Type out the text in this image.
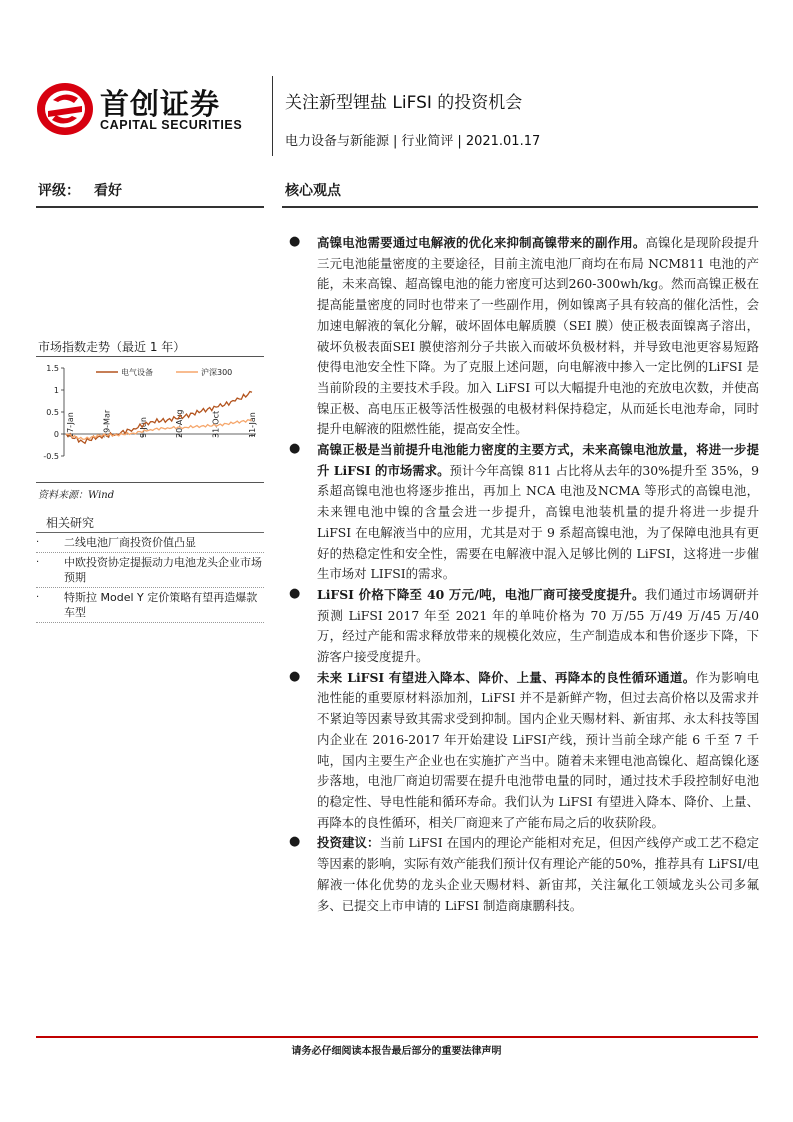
首创证券
CAPITAL SECURITIES
关注新型锂盐 LiFSI 的投资机会
电力设备与新能源 | 行业简评 | 2021.01.17
评级： 看好	核心观点
市场指数走势（最近 1 年）
1.5
1
0.5
0
-0.5
17-Jan	29-Mar	9-Jun	20-Aug	31-Oct	11-Jan
电气设备	沪深300
资料来源：Wind
相关研究
· 二线电池厂商投资价值凸显
· 中欧投资协定提振动力电池龙头企业市场预期
· 特斯拉 Model Y 定价策略有望再造爆款车型
● 高镍电池需要通过电解液的优化来抑制高镍带来的副作用。高镍化是现阶段提升三元电池能量密度的主要途径，目前主流电池厂商均在布局 NCM811 电池的产能，未来高镍、超高镍电池的能力密度可达到260-300wh/kg。然而高镍正极在提高能量密度的同时也带来了一些副作用，例如镍离子具有较高的催化活性，会加速电解液的氧化分解，破坏固体电解质膜（SEI 膜）使正极表面镍离子溶出，破坏负极表面SEI 膜使溶剂分子共嵌入而破坏负极材料，并导致电池更容易短路使得电池安全性下降。为了克服上述问题，向电解液中掺入一定比例的LiFSI 是当前阶段的主要技术手段。加入 LiFSI 可以大幅提升电池的充放电次数，并使高镍正极、高电压正极等活性极强的电极材料保持稳定，从而延长电池寿命，同时提升电解液的阻燃性能，提高安全性。
● 高镍正极是当前提升电池能力密度的主要方式，未来高镍电池放量，将进一步提升 LiFSI 的市场需求。预计今年高镍 811 占比将从去年的30%提升至 35%，9 系超高镍电池也将逐步推出，再加上 NCA 电池及NCMA 等形式的高镍电池，未来锂电池中镍的含量会进一步提升，高镍电池装机量的提升将进一步提升 LiFSI 在电解液当中的应用，尤其是对于 9 系超高镍电池，为了保障电池具有更好的热稳定性和安全性，需要在电解液中混入足够比例的 LiFSI，这将进一步催生市场对 LIFSI的需求。
● LiFSI 价格下降至 40 万元/吨，电池厂商可接受度提升。我们通过市场调研并预测 LiFSI 2017 年至 2021 年的单吨价格为 70 万/55 万/49 万/45 万/40 万，经过产能和需求释放带来的规模化效应，生产制造成本和售价逐步下降，下游客户接受度提升。
● 未来 LiFSI 有望进入降本、降价、上量、再降本的良性循环通道。作为影响电池性能的重要原材料添加剂，LiFSI 并不是新鲜产物，但过去高价格以及需求并不紧迫等因素导致其需求受到抑制。国内企业天赐材料、新宙邦、永太科技等国内企业在 2016-2017 年开始建设 LiFSI产线，预计当前全球产能 6 千至 7 千吨，国内主要生产企业也在实施扩产当中。随着未来锂电池高镍化、超高镍化逐步落地，电池厂商迫切需要在提升电池带电量的同时，通过技术手段控制好电池的稳定性、导电性能和循环寿命。我们认为 LiFSI 有望进入降本、降价、上量、再降本的良性循环，相关厂商迎来了产能布局之后的收获阶段。
● 投资建议：当前 LiFSI 在国内的理论产能相对充足，但因产线停产或工艺不稳定等因素的影响，实际有效产能我们预计仅有理论产能的50%，推荐具有 LiFSI/电解液一体化优势的龙头企业天赐材料、新宙邦，关注氟化工领域龙头公司多氟多、已提交上市申请的 LiFSI 制造商康鹏科技。
请务必仔细阅读本报告最后部分的重要法律声明
